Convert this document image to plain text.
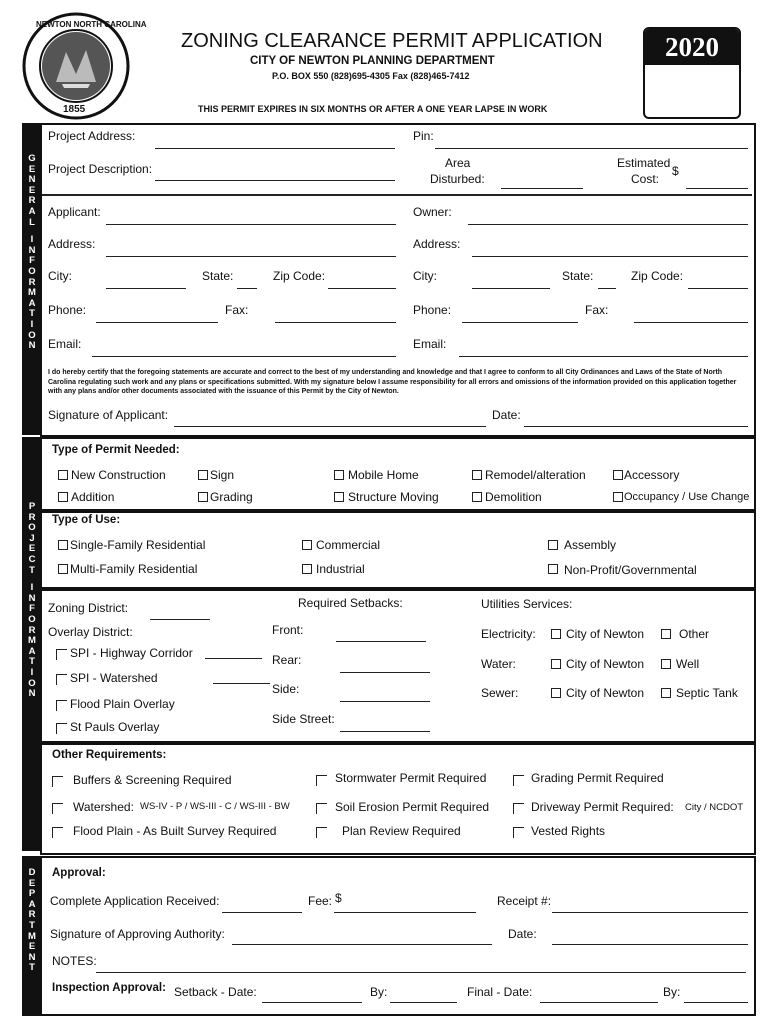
NEWTON NORTH CAROLINA
1855
ZONING CLEARANCE PERMIT APPLICATION
CITY OF NEWTON PLANNING DEPARTMENT
P.O. BOX 550 (828)695-4305 Fax (828)465-7412
THIS PERMIT EXPIRES IN SIX MONTHS OR AFTER A ONE YEAR LAPSE IN WORK
2020
G
E
N
E
R
A
L

I
N
F
O
R
M
A
T
I
O
N
Project Address:	Pin:
Project Description:	Area
Disturbed:
Estimated
Cost:
$
Applicant:	Owner:
Address:	Address:
City:	State:	Zip Code:	City:	State:	Zip Code:
Phone:	Fax:	Phone:	Fax:
Email:	Email:
I do hereby certify that the foregoing statements are accurate and correct to the best of my understanding and knowledge and that I agree to conform to all City Ordinances and Laws of the State of North Carolina regulating such work and any plans or specifications submitted. With my signature below I assume responsibility for all errors and omissions of the information provided on this application together with any plans and/or other documents associated with the issuance of this Permit by the City of Newton.
Signature of Applicant:	Date:
P
R
O
J
E
C
T

I
N
F
O
R
M
A
T
I
O
N
Type of Permit Needed:
New Construction	Sign	Mobile Home	Remodel/alteration	Accessory
Addition	Grading	Structure Moving	Demolition	Occupancy / Use Change
Type of Use:
Single-Family Residential	Commercial	Assembly
Multi-Family Residential	Industrial	Non-Profit/Governmental
Zoning District:
Overlay District:
SPI - Highway Corridor
SPI - Watershed
Flood Plain Overlay
St Pauls Overlay
Required Setbacks:
Front:
Rear:
Side:
Side Street:
Utilities Services:
Electricity:	City of Newton	Other
Water:	City of Newton	Well
Sewer:	City of Newton	Septic Tank
Other Requirements:
Buffers & Screening Required	Stormwater Permit Required	Grading Permit Required
Watershed: WS-IV - P / WS-III - C / WS-III - BW	Soil Erosion Permit Required	Driveway Permit Required: City / NCDOT
Flood Plain - As Built Survey Required	Plan Review Required	Vested Rights
D
E
P
A
R
T
M
E
N
T
Approval:
Complete Application Received:	Fee: $	Receipt #:
Signature of Approving Authority:	Date:
NOTES:
Inspection Approval: Setback - Date:	By:	Final - Date:	By:
